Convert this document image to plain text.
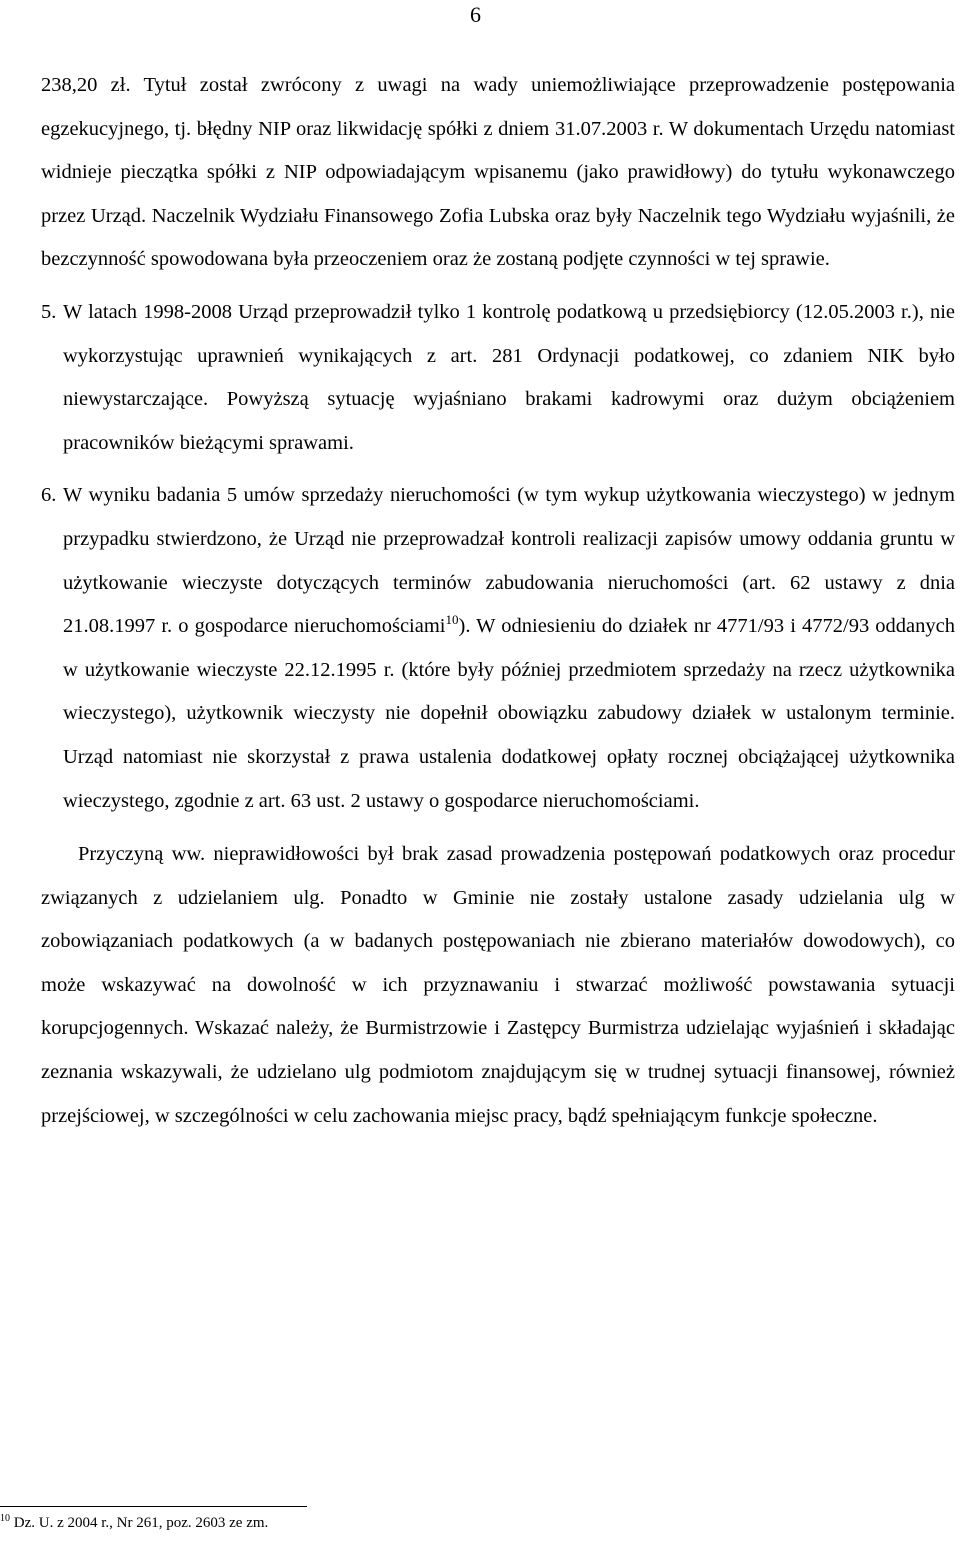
6

238,20 zł. Tytuł został zwrócony z uwagi na wady uniemożliwiające przeprowadzenie postępowania egzekucyjnego, tj. błędny NIP oraz likwidację spółki z dniem 31.07.2003 r. W dokumentach Urzędu natomiast widnieje pieczątka spółki z NIP odpowiadającym wpisanemu (jako prawidłowy) do tytułu wykonawczego przez Urząd. Naczelnik Wydziału Finansowego Zofia Lubska oraz były Naczelnik tego Wydziału wyjaśnili, że bezczynność spowodowana była przeoczeniem oraz że zostaną podjęte czynności w tej sprawie.

5. W latach 1998-2008 Urząd przeprowadził tylko 1 kontrolę podatkową u przedsiębiorcy (12.05.2003 r.), nie wykorzystując uprawnień wynikających z art. 281 Ordynacji podatkowej, co zdaniem NIK było niewystarczające. Powyższą sytuację wyjaśniano brakami kadrowymi oraz dużym obciążeniem pracowników bieżącymi sprawami.
6. W wyniku badania 5 umów sprzedaży nieruchomości (w tym wykup użytkowania wieczystego) w jednym przypadku stwierdzono, że Urząd nie przeprowadzał kontroli realizacji zapisów umowy oddania gruntu w użytkowanie wieczyste dotyczących terminów zabudowania nieruchomości (art. 62 ustawy z dnia 21.08.1997 r. o gospodarce nieruchomościami$^{10}$). W odniesieniu do działek nr 4771/93 i 4772/93 oddanych w użytkowanie wieczyste 22.12.1995 r. (które były później przedmiotem sprzedaży na rzecz użytkownika wieczystego), użytkownik wieczysty nie dopełnił obowiązku zabudowy działek w ustalonym terminie. Urząd natomiast nie skorzystał z prawa ustalenia dodatkowej opłaty rocznej obciążającej użytkownika wieczystego, zgodnie z art. 63 ust. 2 ustawy o gospodarce nieruchomościami.

Przyczyną ww. nieprawidłowości był brak zasad prowadzenia postępowań podatkowych oraz procedur związanych z udzielaniem ulg. Ponadto w Gminie nie zostały ustalone zasady udzielania ulg w zobowiązaniach podatkowych (a w badanych postępowaniach nie zbierano materiałów dowodowych), co może wskazywać na dowolność w ich przyznawaniu i stwarzać możliwość powstawania sytuacji korupcjogennych. Wskazać należy, że Burmistrzowie i Zastępcy Burmistrza udzielając wyjaśnień i składając zeznania wskazywali, że udzielano ulg podmiotom znajdującym się w trudnej sytuacji finansowej, również przejściowej, w szczególności w celu zachowania miejsc pracy, bądź spełniającym funkcje społeczne.

$^{10}$ Dz. U. z 2004 r., Nr 261, poz. 2603 ze zm.
